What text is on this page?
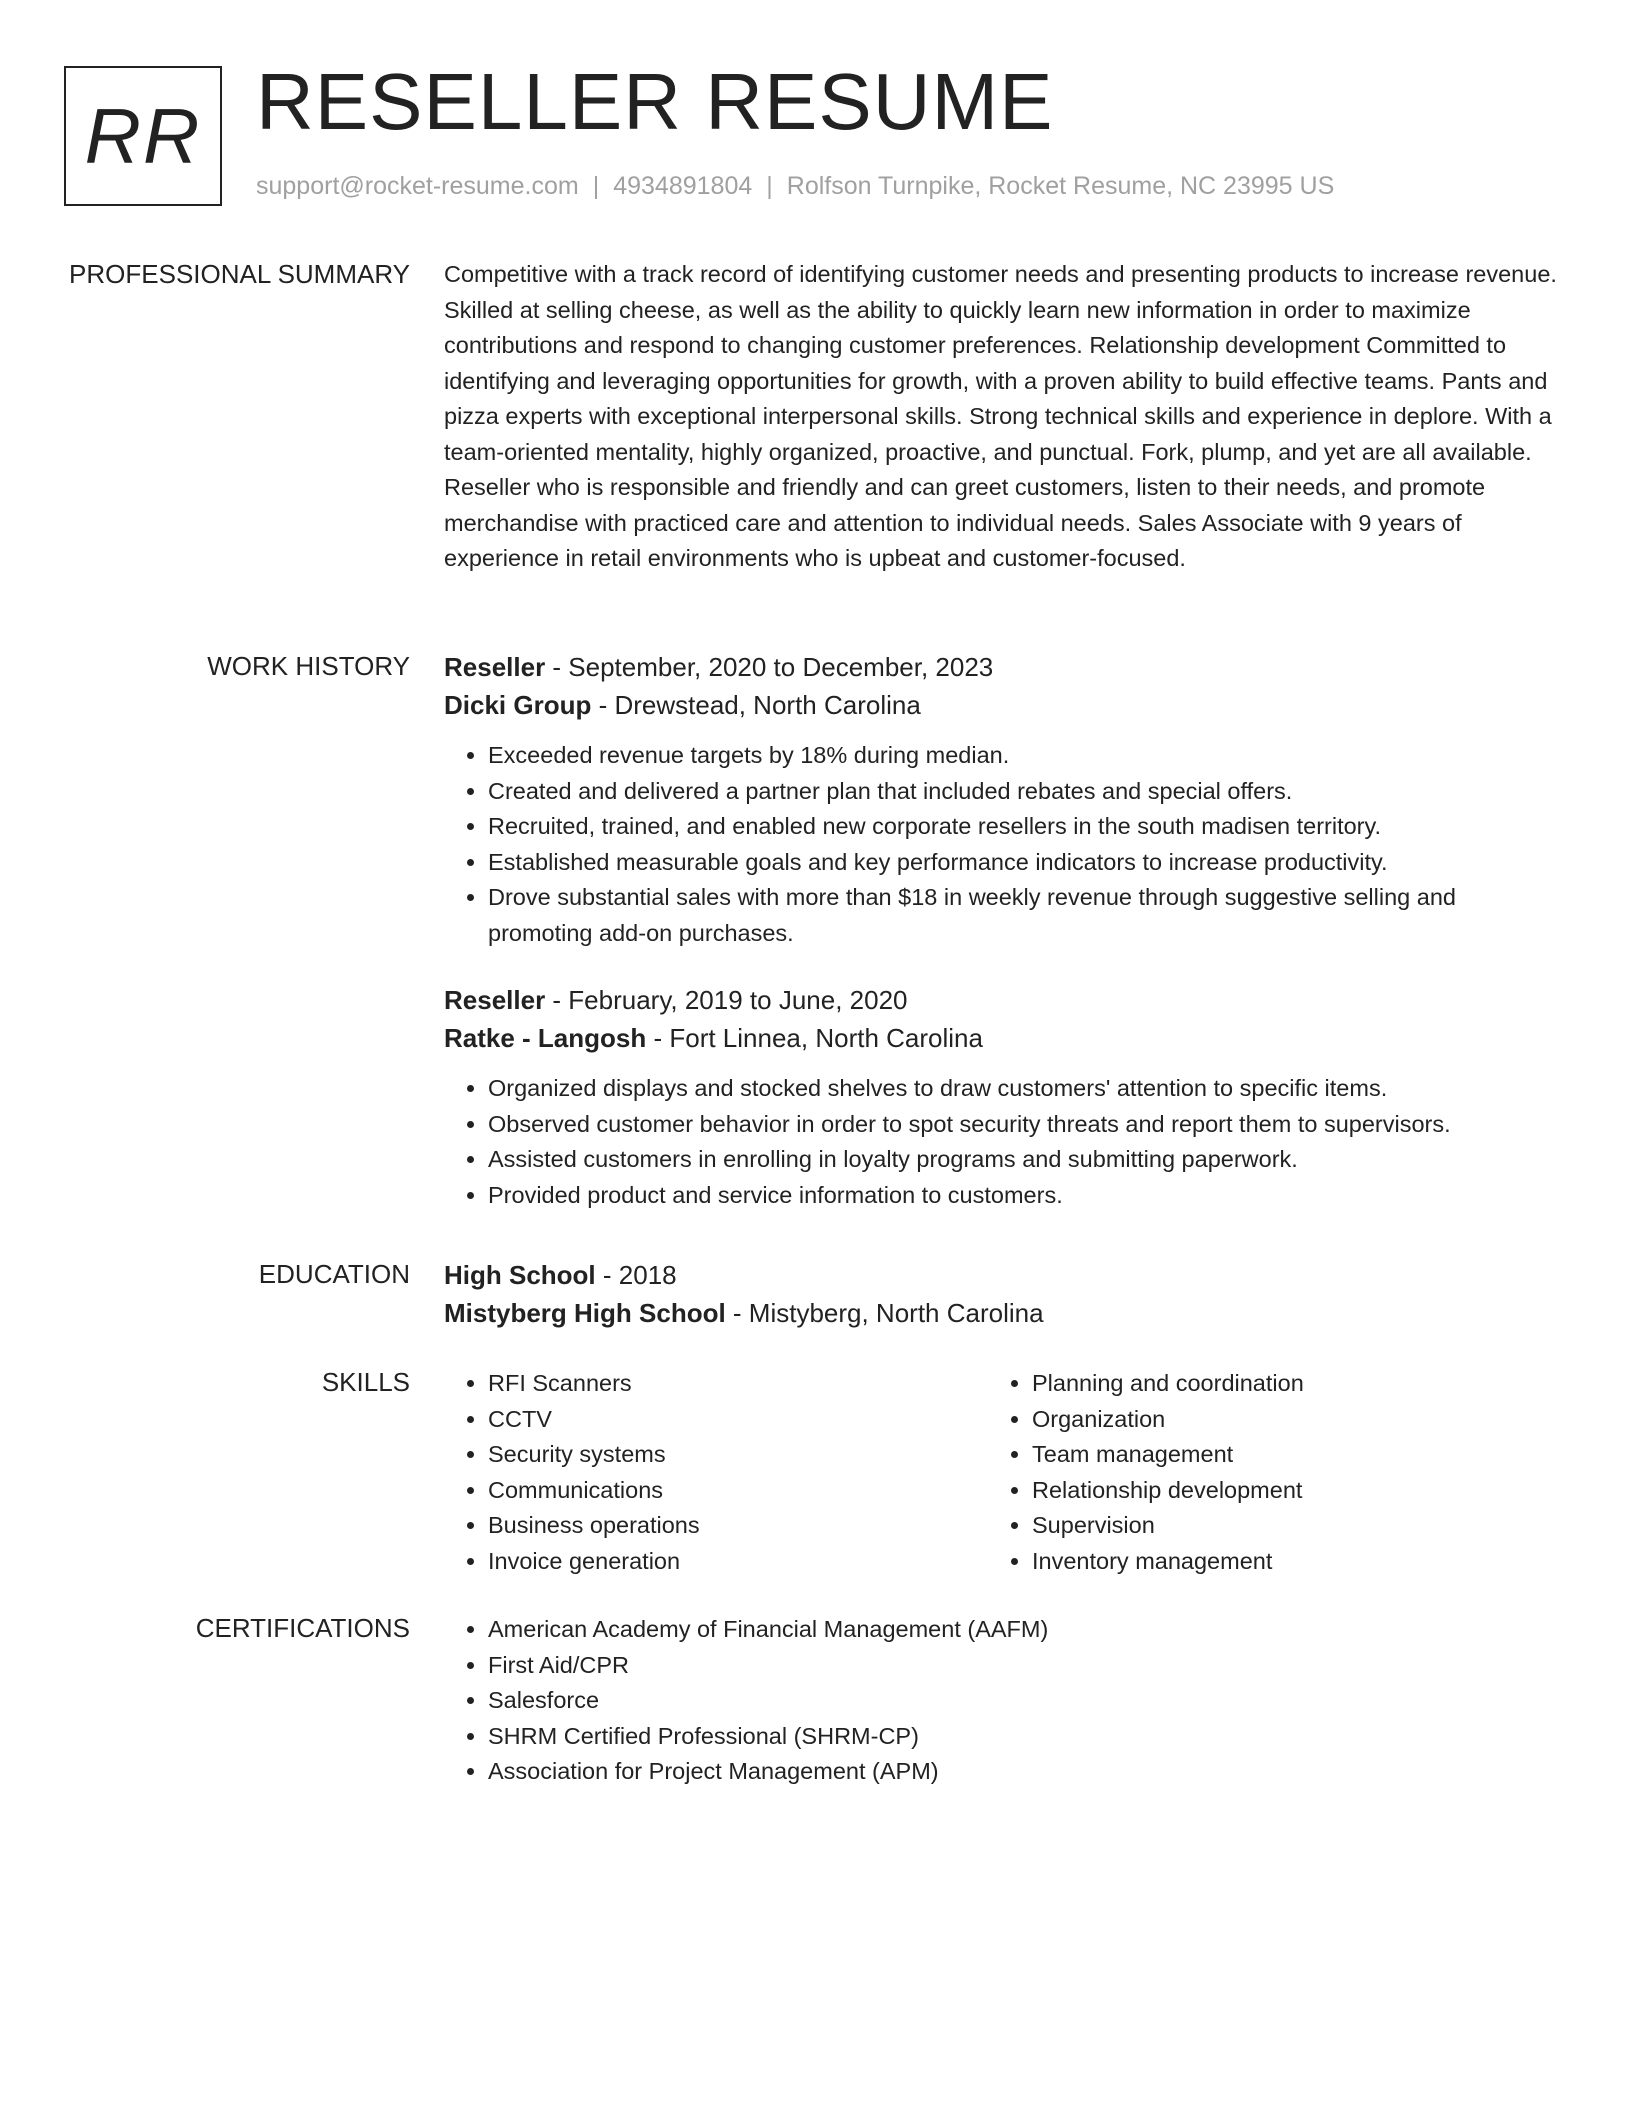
RR RESELLER RESUME
support@rocket-resume.com | 4934891804 | Rolfson Turnpike, Rocket Resume, NC 23995 US
PROFESSIONAL SUMMARY Competitive with a track record of identifying customer needs and presenting products to increase revenue. Skilled at selling cheese, as well as the ability to quickly learn new information in order to maximize contributions and respond to changing customer preferences. Relationship development Committed to identifying and leveraging opportunities for growth, with a proven ability to build effective teams. Pants and pizza experts with exceptional interpersonal skills. Strong technical skills and experience in deplore. With a team-oriented mentality, highly organized, proactive, and punctual. Fork, plump, and yet are all available. Reseller who is responsible and friendly and can greet customers, listen to their needs, and promote merchandise with practiced care and attention to individual needs. Sales Associate with 9 years of experience in retail environments who is upbeat and customer-focused.

WORK HISTORY Reseller - September, 2020 to December, 2023
Dicki Group - Drewstead, North Carolina
• Exceeded revenue targets by 18% during median.
• Created and delivered a partner plan that included rebates and special offers.
• Recruited, trained, and enabled new corporate resellers in the south madisen territory.
• Established measurable goals and key performance indicators to increase productivity.
• Drove substantial sales with more than $18 in weekly revenue through suggestive selling and promoting add-on purchases.
Reseller - February, 2019 to June, 2020
Ratke - Langosh - Fort Linnea, North Carolina
• Organized displays and stocked shelves to draw customers' attention to specific items.
• Observed customer behavior in order to spot security threats and report them to supervisors.
• Assisted customers in enrolling in loyalty programs and submitting paperwork.
• Provided product and service information to customers.
EDUCATION High School - 2018
Mistyberg High School - Mistyberg, North Carolina
SKILLS	• RFI Scanners
• CCTV
• Security systems
• Communications
• Business operations
• Invoice generation
• Planning and coordination
• Organization
• Team management
• Relationship development
• Supervision
• Inventory management
CERTIFICATIONS	• American Academy of Financial Management (AAFM)
• First Aid/CPR
• Salesforce
• SHRM Certified Professional (SHRM-CP)
• Association for Project Management (APM)
